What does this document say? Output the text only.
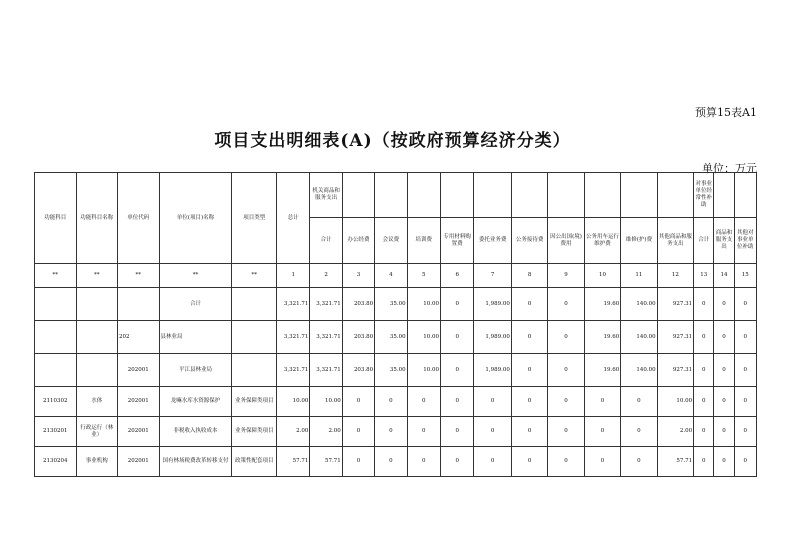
预算15表A1
项目支出明细表(A)（按政府预算经济分类）
单位：万元
功能科目	功能科目名称	单位代码	单位(项目)名称	项目类型	总计	机关商品和服务支出											对事业单位经常性补助		
						合计	办公经费	会议费	培训费	专用材料购置费	委托业务费	公务接待费	因公出国(境)费用	公务用车运行维护费	维修(护)费	其他商品和服务支出	合计	商品和服务支出	其他对事业单位补助
**	**	**	**	**	1	2	3	4	5	6	7	8	9	10	11	12	13	14	15
			合计		3,321.71	3,321.71	203.80	35.00	10.00	0	1,989.00	0	0	19.60	140.00	927.31	0	0	0
		202	县林业局		3,321.71	3,321.71	203.80	35.00	10.00	0	1,989.00	0	0	19.60	140.00	927.31	0	0	0
		202001	平江县林业局		3,321.71	3,321.71	203.80	35.00	10.00	0	1,989.00	0	0	19.60	140.00	927.31	0	0	0
2110302	水体	202001	龙嘛水库水资源保护	业务保障类项目	10.00	10.00	0	0	0	0	0	0	0	0	0	10.00	0	0	0
2130201	行政运行（林业）	202001	非税收入执收成本	业务保障类项目	2.00	2.00	0	0	0	0	0	0	0	0	0	2.00	0	0	0
2130204	事业机构	202001	国有林场税费改革转移支付	政策性配套项目	57.71	57.71	0	0	0	0	0	0	0	0	0	57.71	0	0	0
